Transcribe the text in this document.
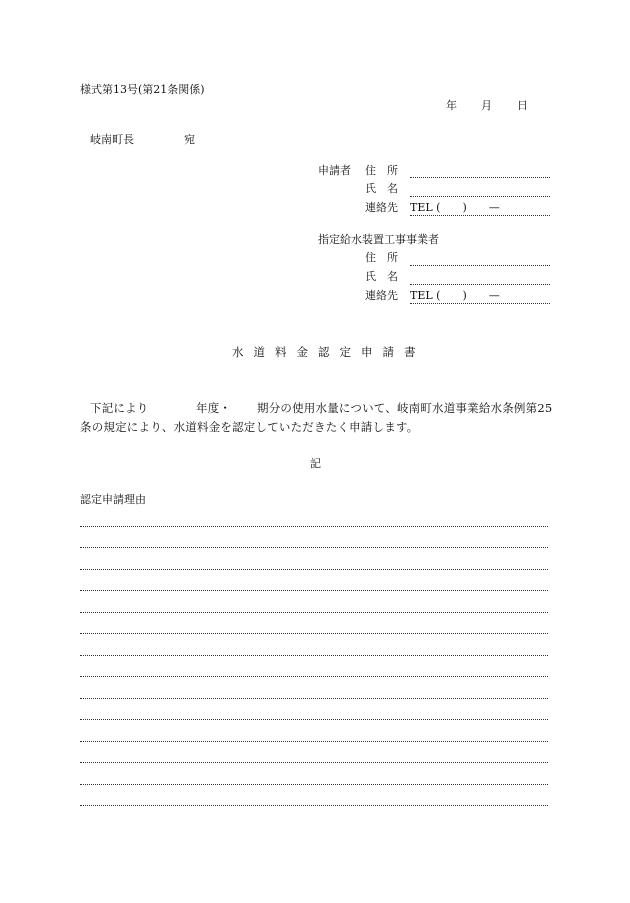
様式第13号(第21条関係)
年 月 日
岐南町長	宛
申請者 住　所
氏　名
連絡先 TEL (　　)　　—
指定給水装置工事事業者
住　所
氏　名
連絡先 TEL (　　)　　—
水道料金認定申請書
下記により	年度・ 期分の使用水量について、岐南町水道事業給水条例第25
条の規定により、水道料金を認定していただきたく申請します。
記
認定申請理由
